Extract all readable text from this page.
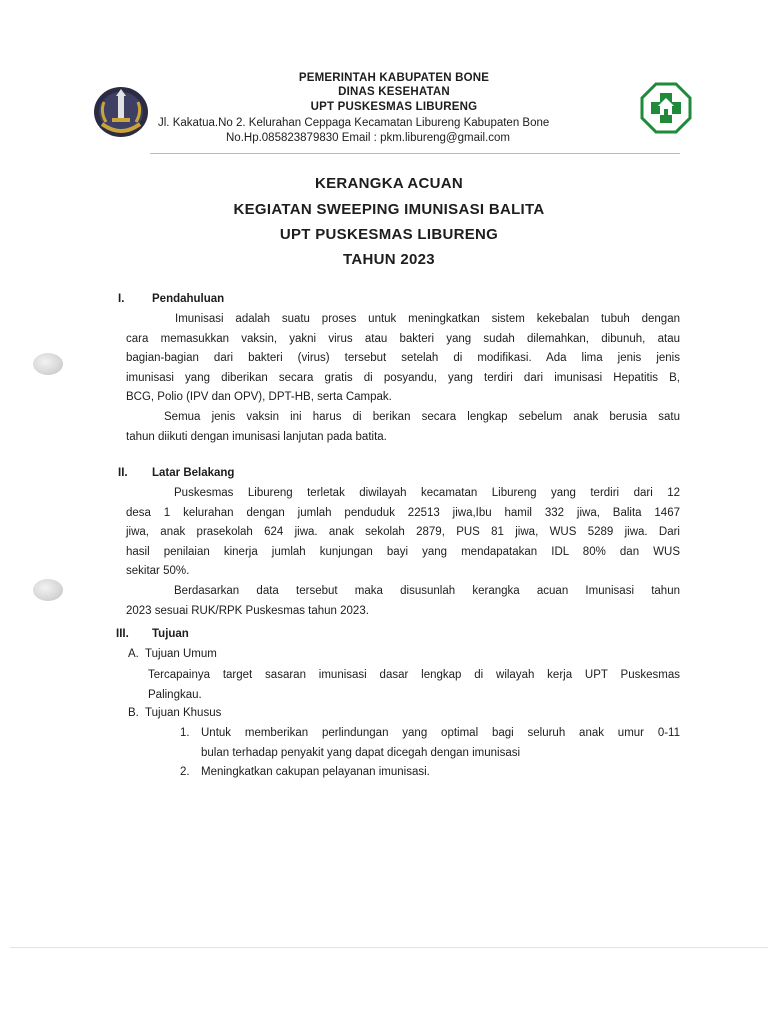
PEMERINTAH KABUPATEN BONE
DINAS KESEHATAN
UPT PUSKESMAS LIBURENG
Jl. Kakatua.No 2. Kelurahan Ceppaga Kecamatan Libureng Kabupaten Bone
No.Hp.085823879830 Email : pkm.libureng@gmail.com
KERANGKA ACUAN
KEGIATAN SWEEPING IMUNISASI BALITA
UPT PUSKESMAS LIBURENG
TAHUN 2023
I. Pendahuluan
Imunisasi adalah suatu proses untuk meningkatkan sistem kekebalan tubuh dengan
cara memasukkan vaksin, yakni virus atau bakteri yang sudah dilemahkan, dibunuh, atau
bagian-bagian dari bakteri (virus) tersebut setelah di modifikasi. Ada lima jenis jenis
imunisasi yang diberikan secara gratis di posyandu, yang terdiri dari imunisasi Hepatitis B,
BCG, Polio (IPV dan OPV), DPT-HB, serta Campak.
Semua jenis vaksin ini harus di berikan secara lengkap sebelum anak berusia satu
tahun diikuti dengan imunisasi lanjutan pada batita.
II. Latar Belakang
Puskesmas Libureng terletak diwilayah kecamatan Libureng yang terdiri dari 12
desa 1 kelurahan dengan jumlah penduduk 22513 jiwa,Ibu hamil 332 jiwa, Balita 1467
jiwa, anak prasekolah 624 jiwa. anak sekolah 2879, PUS 81 jiwa, WUS 5289 jiwa. Dari
hasil penilaian kinerja jumlah kunjungan bayi yang mendapatakan IDL 80% dan WUS
sekitar 50%.
Berdasarkan data tersebut maka disusunlah kerangka acuan Imunisasi tahun
2023 sesuai RUK/RPK Puskesmas tahun 2023.
III. Tujuan
A.  Tujuan Umum
Tercapainya target sasaran imunisasi dasar lengkap di wilayah kerja UPT Puskesmas
Palingkau.
B.  Tujuan Khusus
1. Untuk memberikan perlindungan yang optimal bagi seluruh anak umur 0-11
bulan terhadap penyakit yang dapat dicegah dengan imunisasi
2. Meningkatkan cakupan pelayanan imunisasi.
